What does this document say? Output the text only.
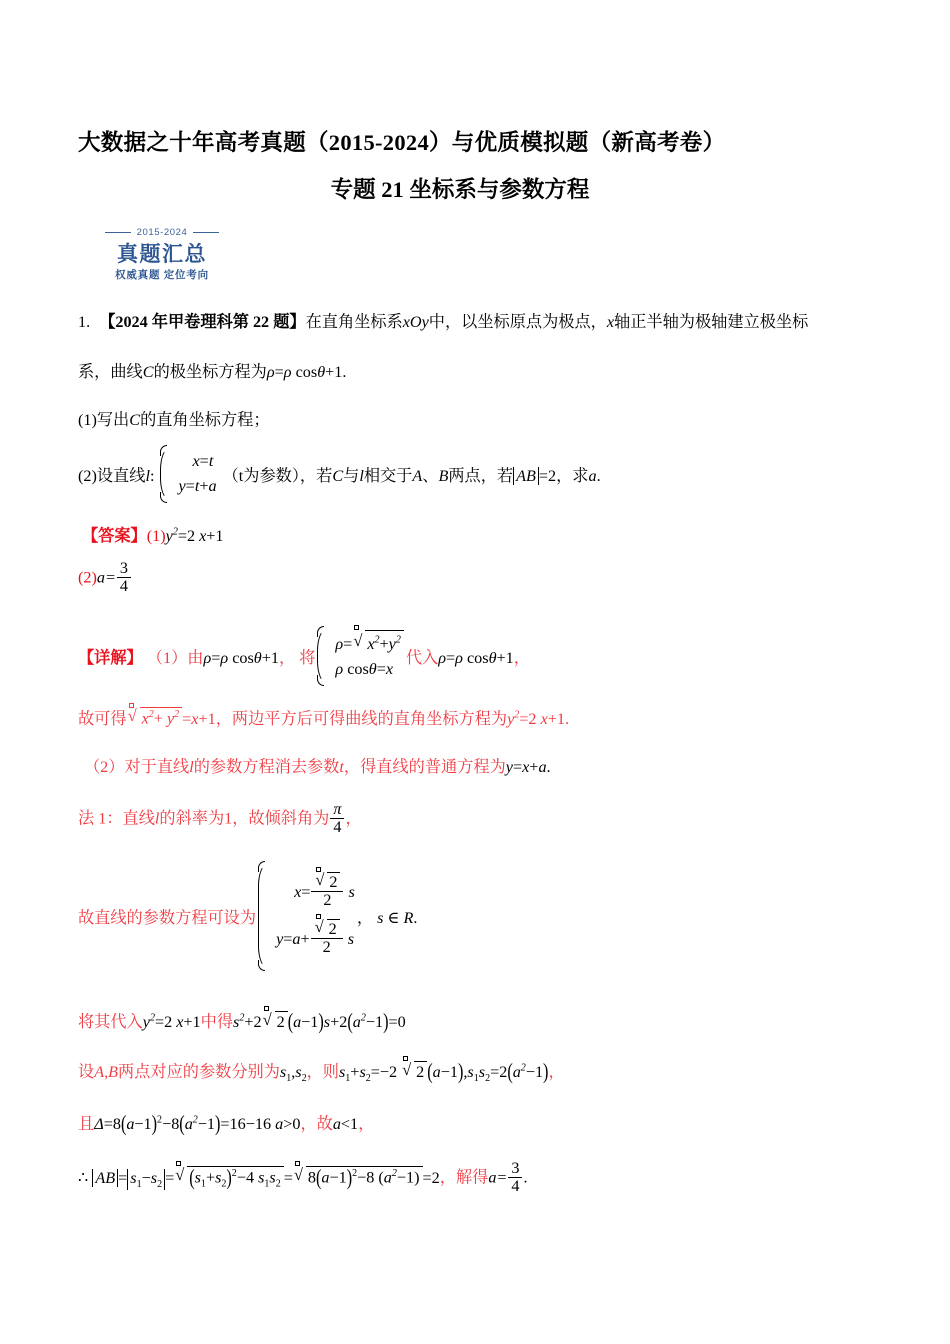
大数据之十年高考真题（2015-2024）与优质模拟题（新高考卷）
专题 21 坐标系与参数方程
2015-2024
真题汇总
权威真题 定位考向
1. 【2024 年甲卷理科第 22 题】在直角坐标系xOy中，以坐标原点为极点，x轴正半轴为极轴建立极坐标
系，曲线C的极坐标方程为ρ=ρ cosθ+1.
(1)写出C的直角坐标方程；
(2)设直线l:
x=t
y=t+a
（t为参数），若C与l相交于A、B两点，若 AB =2，求a.
【答案】$(1)y^2=2$ x+1
$(2)a= \frac{3}{4}$
【详解】 （1）由ρ=ρ cosθ+1， 将
ρ= √ $x^2+y^2$
ρ cosθ=x
代入ρ=ρ cosθ+1，
故可得 √ $x^2+ y^2 =x+1$，两边平方后可得曲线的直角坐标方程为$y^2=2$ x+1.
（2）对于直线l的参数方程消去参数t，得直线的普通方程为y=x+a.
法 1：直线l的斜率为1，故倾斜角为 $\frac{\pi}{4}$ ，
故直线的参数方程可设为
$x= \frac{√ 2}{2}$ s
$y=a+ \frac{√ 2}{2}$ s
， s ∈ R.
将其代入$y^2=2$ x+1中得$s^2+2$ √ 2 $(a-1)s+2(a^2-1)=0$
设A,B两点对应的参数分别为$s_1,s_2$，则$s_1+s_2=-2$ √ 2 $(a-1),s_1s_2=2(a^2-1)$，
且$\Delta=8(a-1)^2-8(a^2-1)=16-16$ a>0，故a<1，
∴ AB = $s_1-s_2$ = √ $(s_1+s_2)^2-4$ $s_1s_2$ = √ $8(a-1)^2-8$ $(a^2-1) =2$，解得$a= \frac{3}{4}$ .
